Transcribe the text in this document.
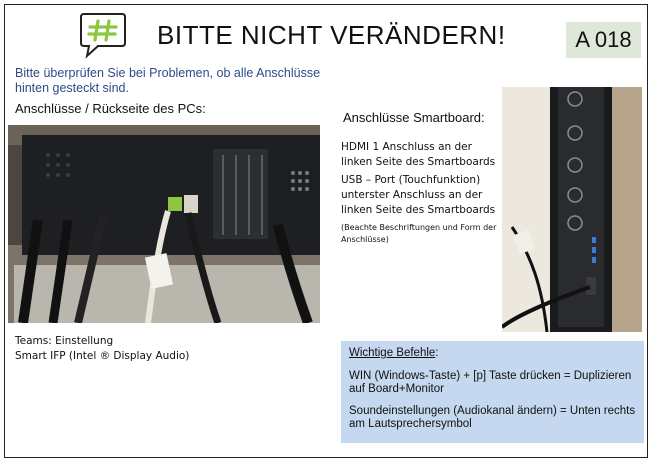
BITTE NICHT VERÄNDERN!	A 018
Bitte überprüfen Sie bei Problemen, ob alle Anschlüsse hinten gesteckt sind.
Anschlüsse / Rückseite des PCs:
Anschlüsse Smartboard:
HDMI 1 Anschluss an der linken Seite des Smartboards
USB – Port (Touchfunktion) unterster Anschluss an der linken Seite des Smartboards
(Beachte Beschriftungen und Form der Anschlüsse)
Teams: Einstellung
Smart IFP (Intel ® Display Audio)	Wichtige Befehle:
WIN (Windows-Taste) + [p] Taste drücken = Duplizieren auf Board+Monitor
Soundeinstellungen (Audiokanal ändern) = Unten rechts am Lautsprechersymbol
